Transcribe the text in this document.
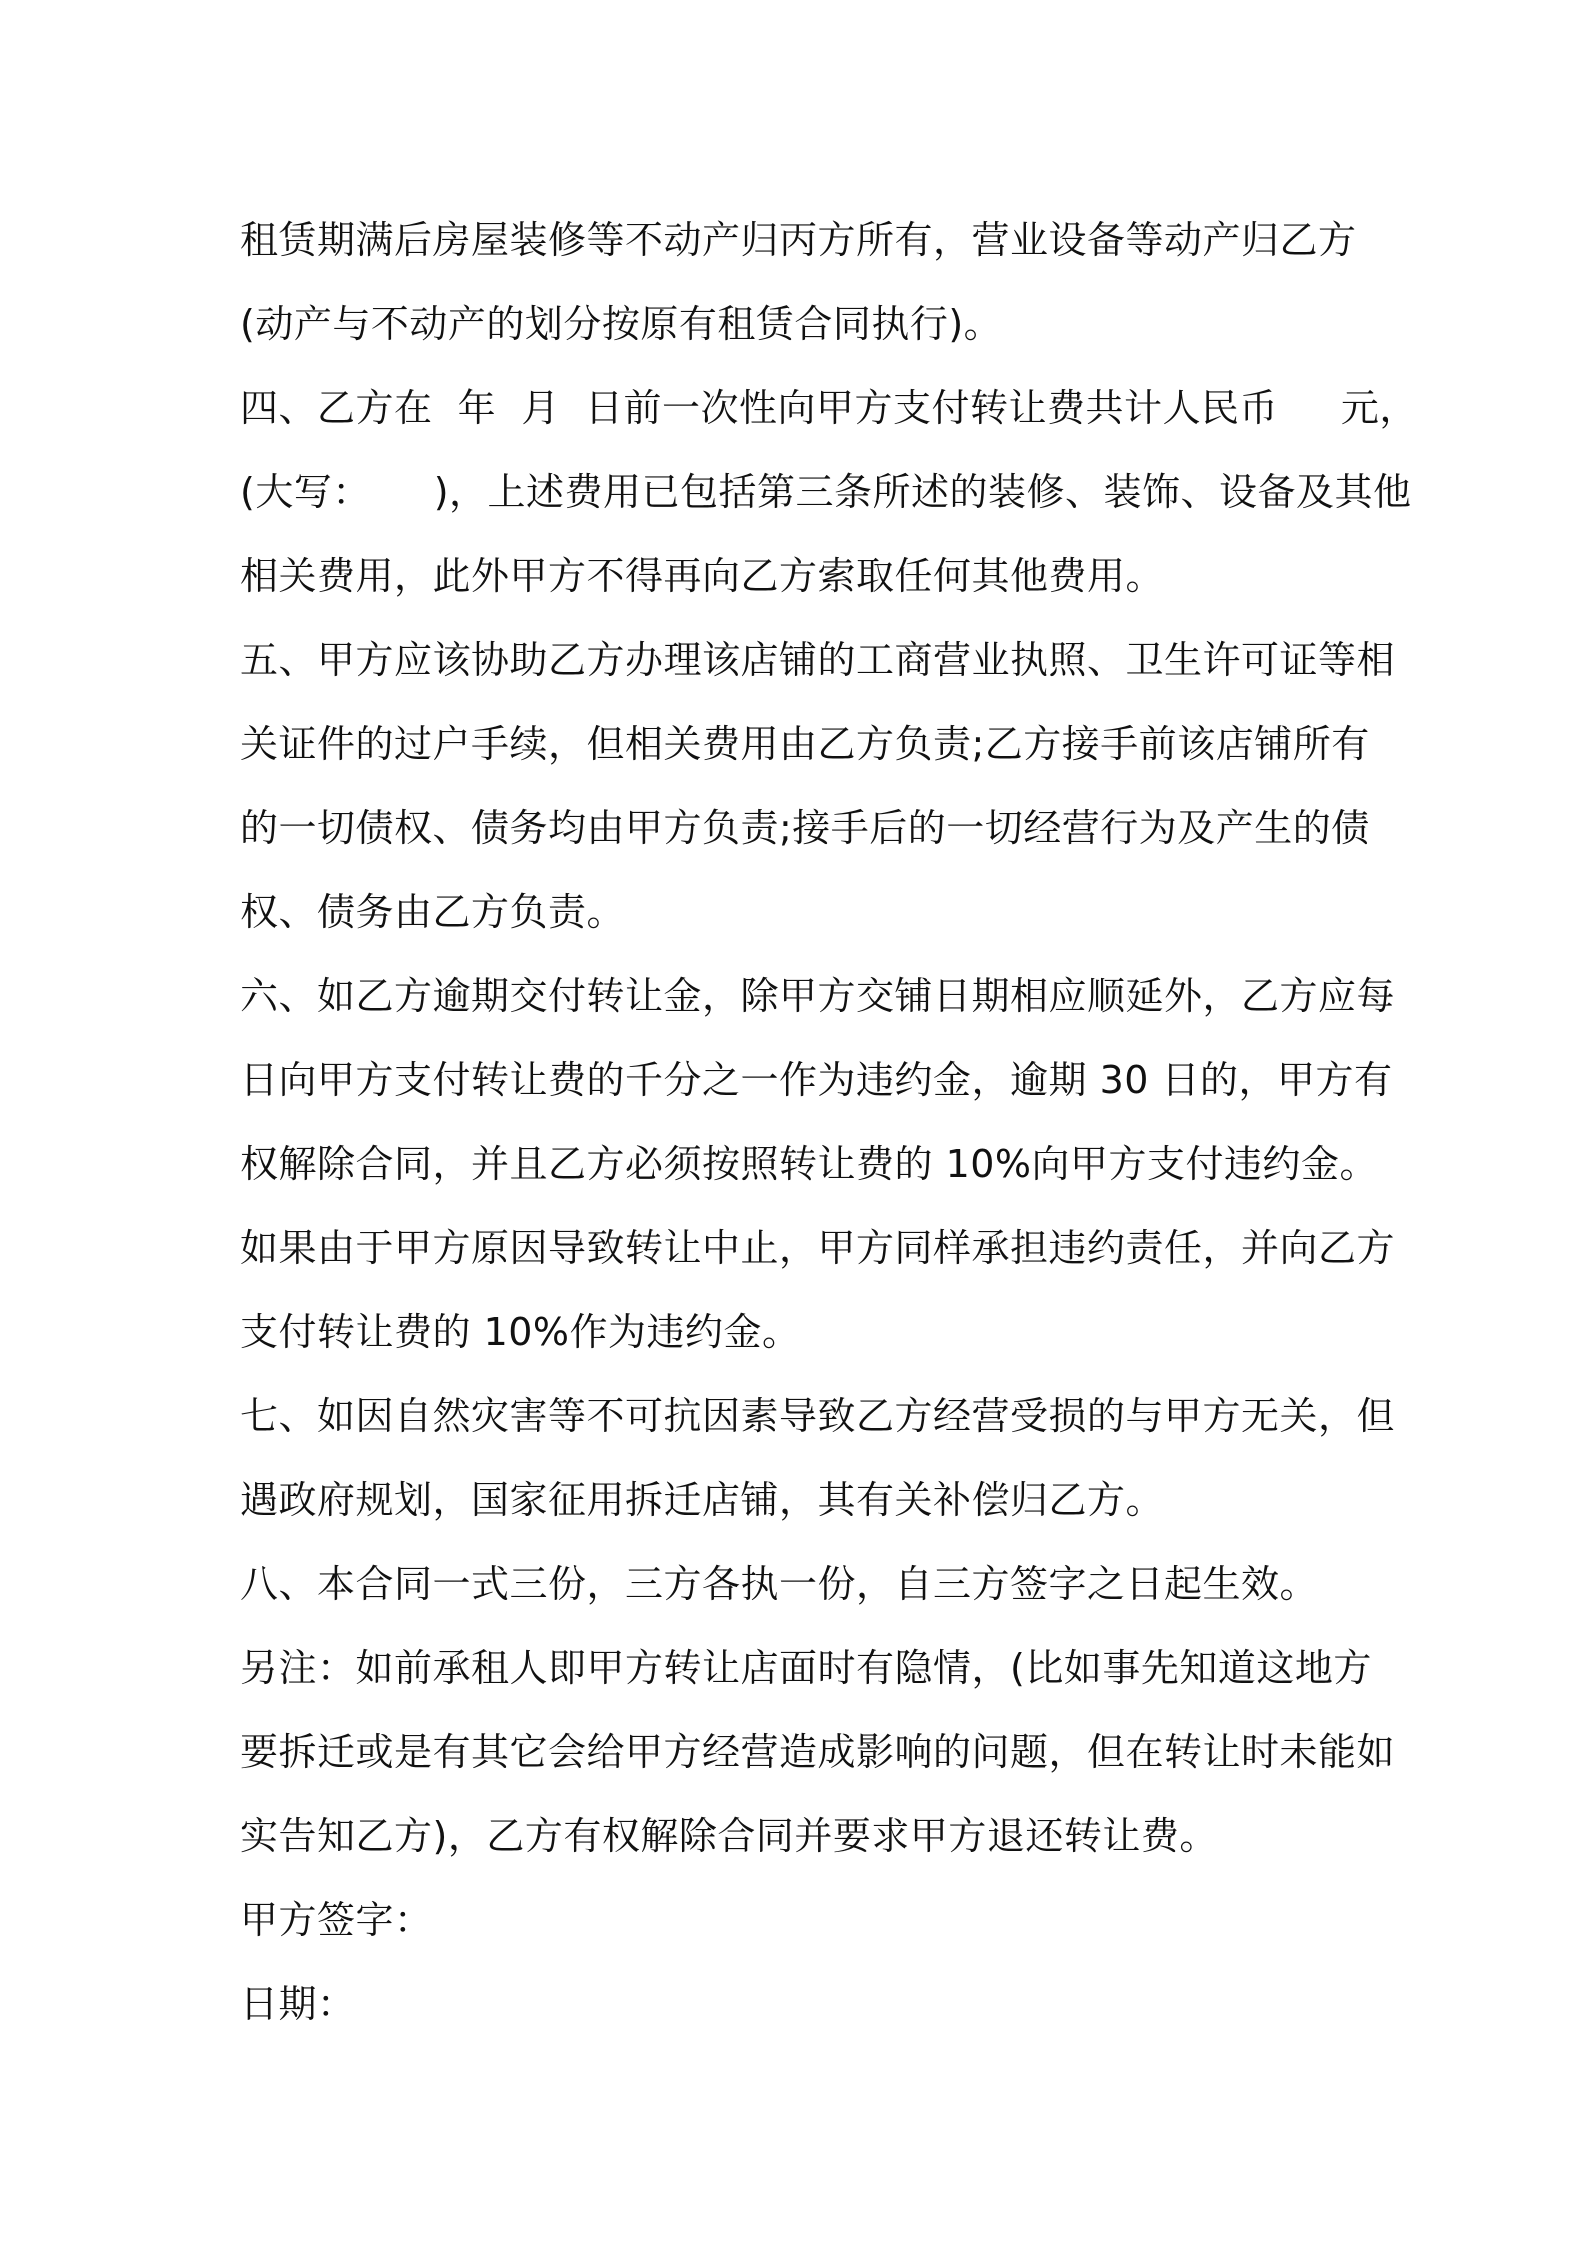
租赁期满后房屋装修等不动产归丙方所有，营业设备等动产归乙方
(动产与不动产的划分按原有租赁合同执行)。
四、乙方在  年  月  日前一次性向甲方支付转让费共计人民币     元，
(大写：     )，上述费用已包括第三条所述的装修、装饰、设备及其他
相关费用，此外甲方不得再向乙方索取任何其他费用。
五、甲方应该协助乙方办理该店铺的工商营业执照、卫生许可证等相
关证件的过户手续，但相关费用由乙方负责;乙方接手前该店铺所有
的一切债权、债务均由甲方负责;接手后的一切经营行为及产生的债
权、债务由乙方负责。
六、如乙方逾期交付转让金，除甲方交铺日期相应顺延外，乙方应每
日向甲方支付转让费的千分之一作为违约金，逾期 30 日的，甲方有
权解除合同，并且乙方必须按照转让费的 10%向甲方支付违约金。
如果由于甲方原因导致转让中止，甲方同样承担违约责任，并向乙方
支付转让费的 10%作为违约金。
七、如因自然灾害等不可抗因素导致乙方经营受损的与甲方无关，但
遇政府规划，国家征用拆迁店铺，其有关补偿归乙方。
八、本合同一式三份，三方各执一份，自三方签字之日起生效。
另注：如前承租人即甲方转让店面时有隐情，(比如事先知道这地方
要拆迁或是有其它会给甲方经营造成影响的问题，但在转让时未能如
实告知乙方)，乙方有权解除合同并要求甲方退还转让费。
甲方签字：
日期：
